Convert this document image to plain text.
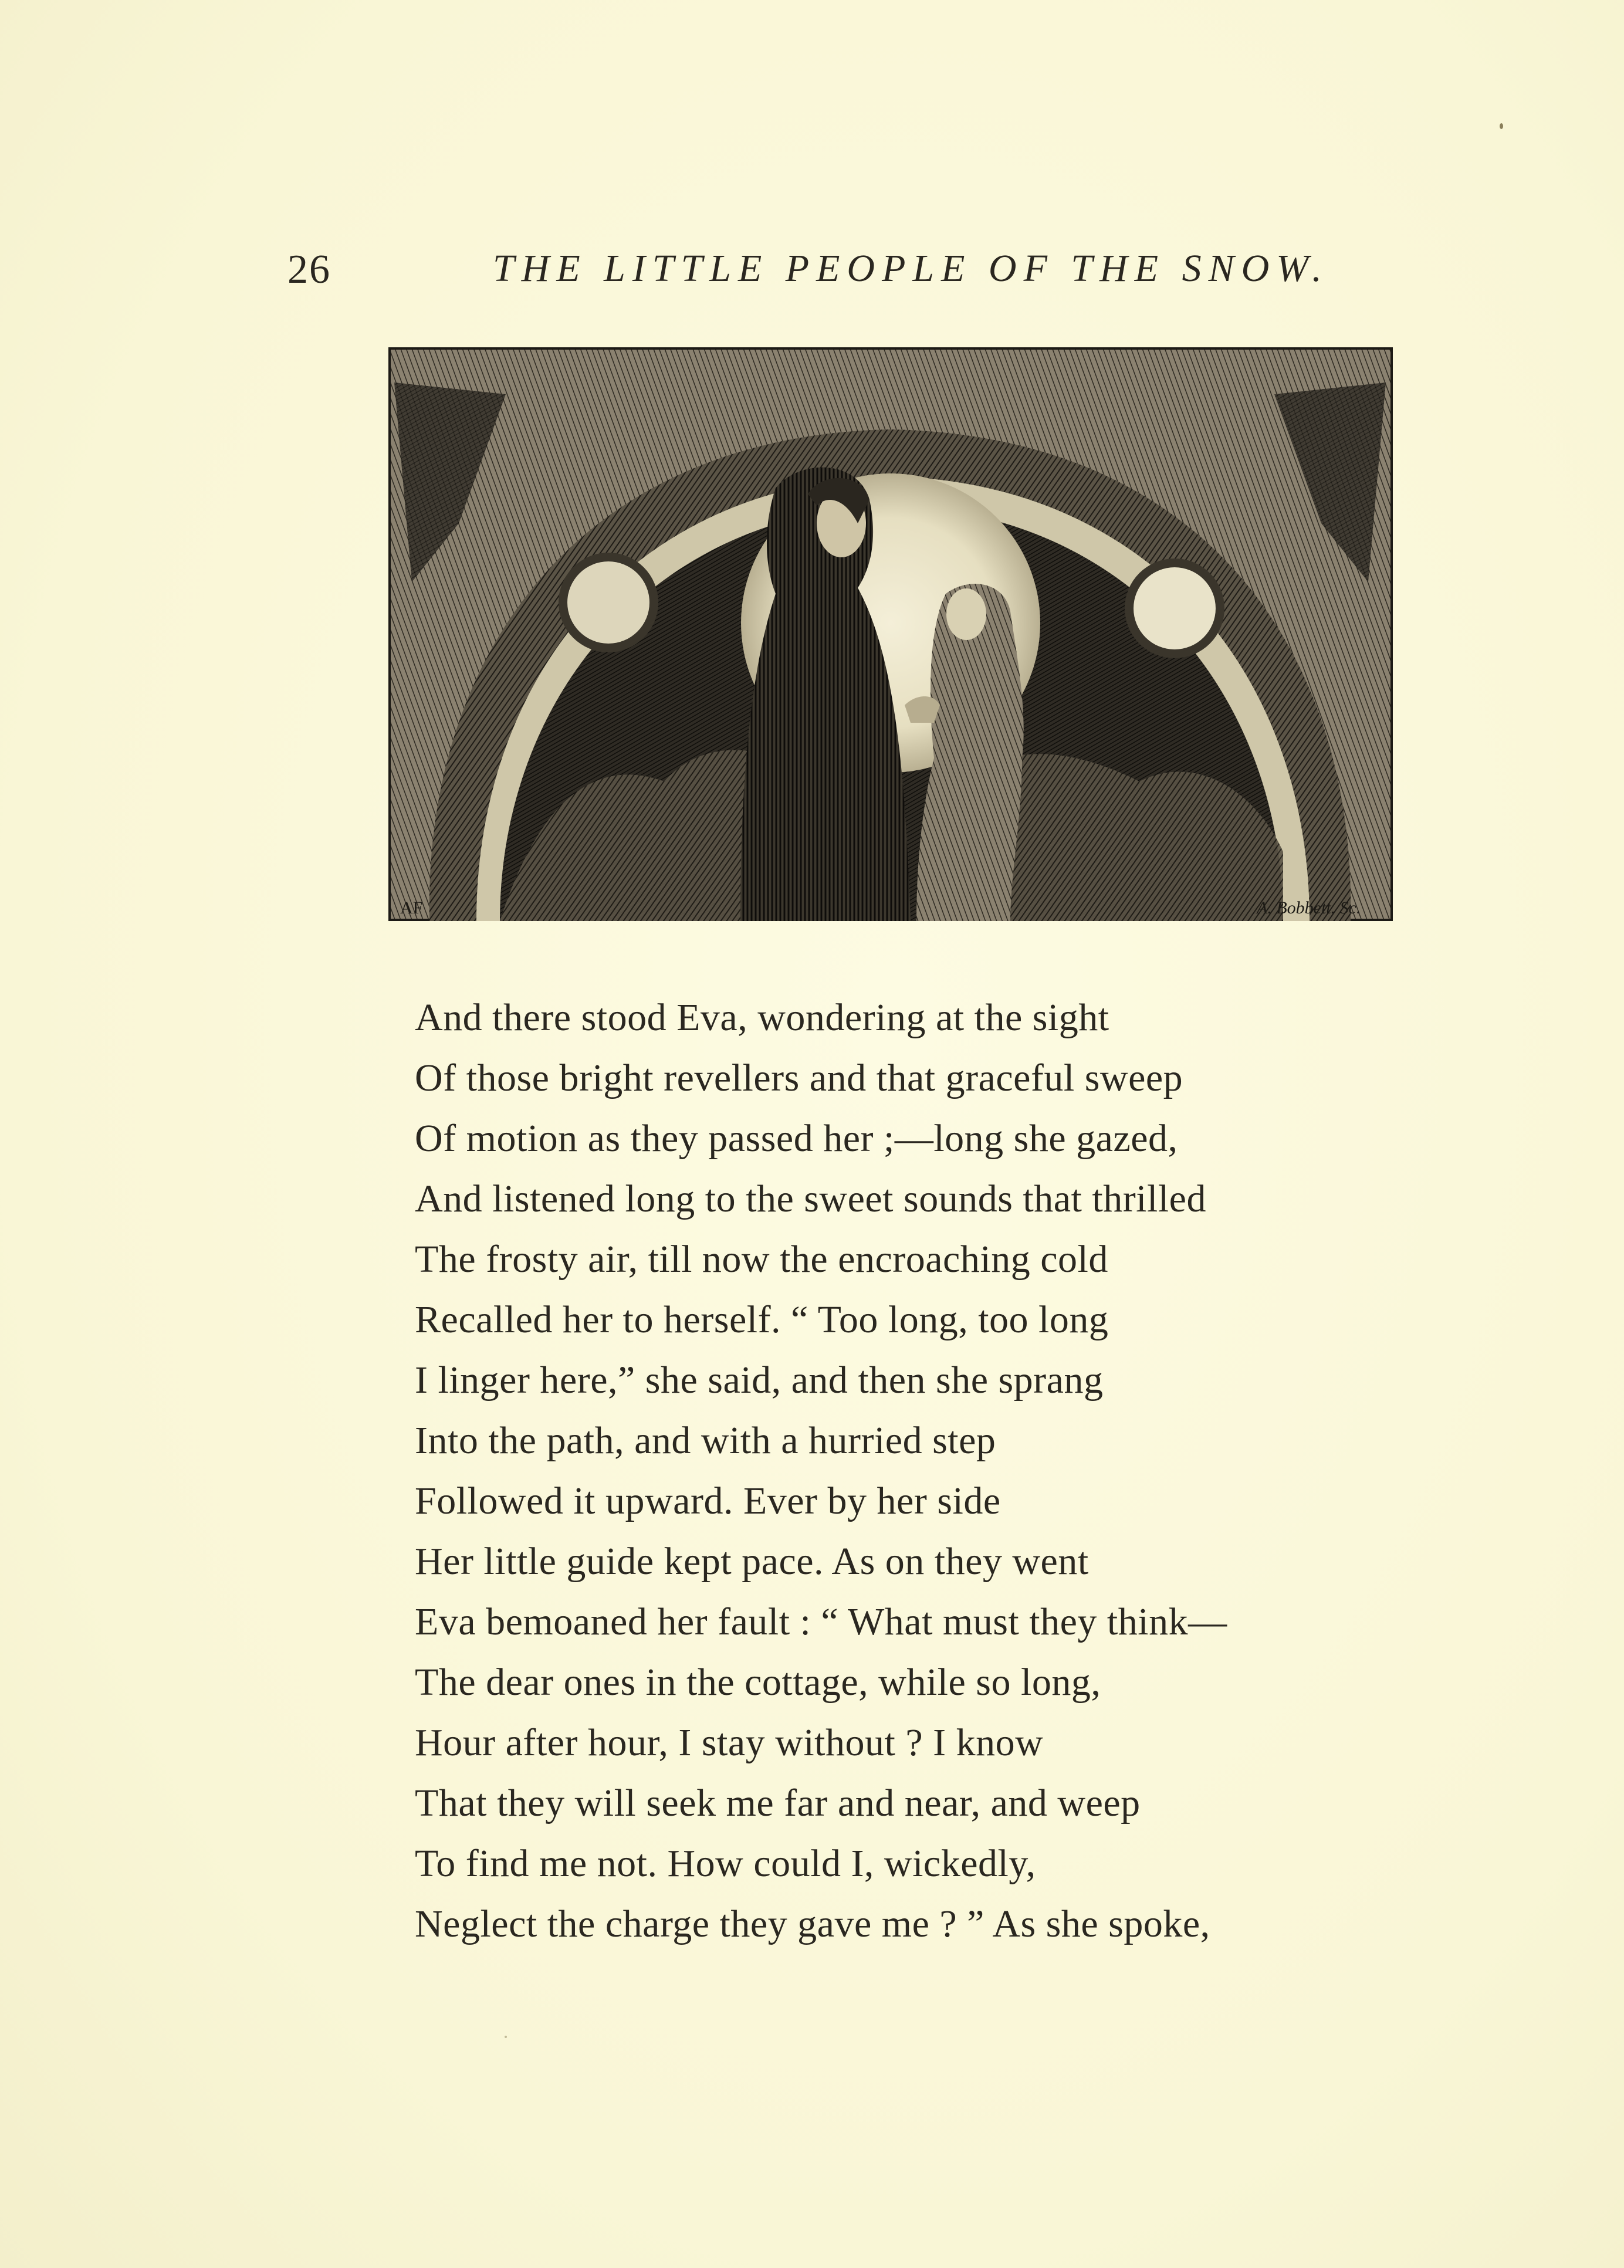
26	THE LITTLE PEOPLE OF THE SNOW.
AF	A. Bobbett. Sc.
And there stood Eva, wondering at the sight
Of those bright revellers and that graceful sweep
Of motion as they passed her ;—long she gazed,
And listened long to the sweet sounds that thrilled
The frosty air, till now the encroaching cold
Recalled her to herself. “ Too long, too long
I linger here,” she said, and then she sprang
Into the path, and with a hurried step
Followed it upward. Ever by her side
Her little guide kept pace. As on they went
Eva bemoaned her fault : “ What must they think—
The dear ones in the cottage, while so long,
Hour after hour, I stay without ? I know
That they will seek me far and near, and weep
To find me not. How could I, wickedly,
Neglect the charge they gave me ? ” As she spoke,
